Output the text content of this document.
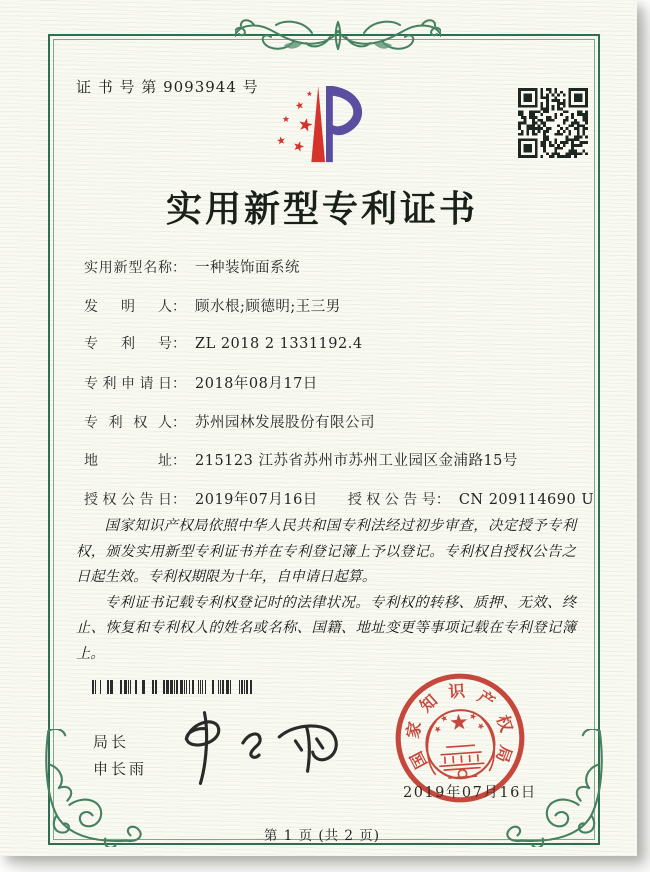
证 书 号 第 9093944 号
实用新型专利证书
实用新型名称： 一种装饰面系统
发明人： 顾水根;顾德明;王三男
专利号： ZL 2018 2 1331192.4
专利申请日： 2018年08月17日
专利权人： 苏州园林发展股份有限公司
地址： 215123 江苏省苏州市苏州工业园区金浦路15号
授权公告日： 2019年07月16日 授权公告号： CN 209114690 U

国家知识产权局依照中华人民共和国专利法经过初步审查，决定授予专利权，颁发实用新型专利证书并在专利登记簿上予以登记。专利权自授权公告之日起生效。专利权期限为十年，自申请日起算。

专利证书记载专利权登记时的法律状况。专利权的转移、质押、无效、终止、恢复和专利权人的姓名或名称、国籍、地址变更等事项记载在专利登记簿上。

局长
申长雨	国
家
知 识 产
权
局
2019年07月16日
第 1 页 (共 2 页)
